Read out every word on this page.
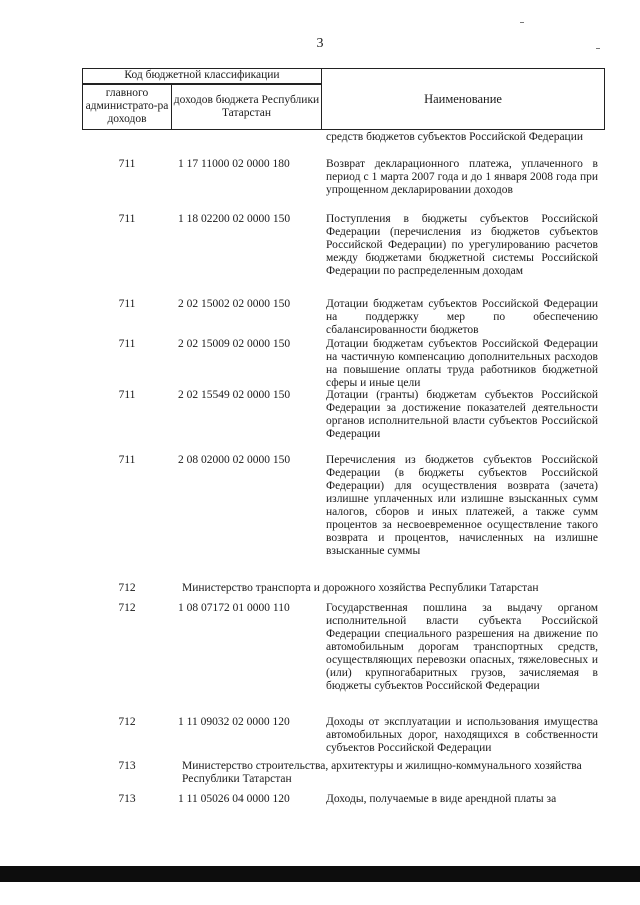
3
Код бюджетной классификации
главного администрато-ра доходов
доходов бюджета Республики Татарстан
Наименование
средств бюджетов субъектов Российской Федерации
711	1 17 11000 02 0000 180	Возврат декларационного платежа, уплаченного в период с 1 марта 2007 года и до 1 января 2008 года при упрощенном декларировании доходов
711	1 18 02200 02 0000 150	Поступления в бюджеты субъектов Российской Федерации (перечисления из бюджетов субъектов Российской Федерации) по урегулированию расчетов между бюджетами бюджетной системы Российской Федерации по распределенным доходам
711	2 02 15002 02 0000 150	Дотации бюджетам субъектов Российской Федерации на поддержку мер по обеспечению сбалансированности бюджетов
711	2 02 15009 02 0000 150	Дотации бюджетам субъектов Российской Федерации на частичную компенсацию дополнительных расходов на повышение оплаты труда работников бюджетной сферы и иные цели
711	2 02 15549 02 0000 150	Дотации (гранты) бюджетам субъектов Российской Федерации за достижение показателей деятельности органов исполнительной власти субъектов Российской Федерации
711	2 08 02000 02 0000 150	Перечисления из бюджетов субъектов Российской Федерации (в бюджеты субъектов Российской Федерации) для осуществления возврата (зачета) излишне уплаченных или излишне взысканных сумм налогов, сборов и иных платежей, а также сумм процентов за несвоевременное осуществление такого возврата и процентов, начисленных на излишне взысканные суммы
712	Министерство транспорта и дорожного хозяйства Республики Татарстан
712	1 08 07172 01 0000 110	Государственная пошлина за выдачу органом исполнительной власти субъекта Российской Федерации специального разрешения на движение по автомобильным дорогам транспортных средств, осуществляющих перевозки опасных, тяжеловесных и (или) крупногабаритных грузов, зачисляемая в бюджеты субъектов Российской Федерации
712	1 11 09032 02 0000 120	Доходы от эксплуатации и использования имущества автомобильных дорог, находящихся в собственности субъектов Российской Федерации
713	Министерство строительства, архитектуры и жилищно-коммунального хозяйства Республики Татарстан
713	1 11 05026 04 0000 120	Доходы, получаемые в виде арендной платы за
